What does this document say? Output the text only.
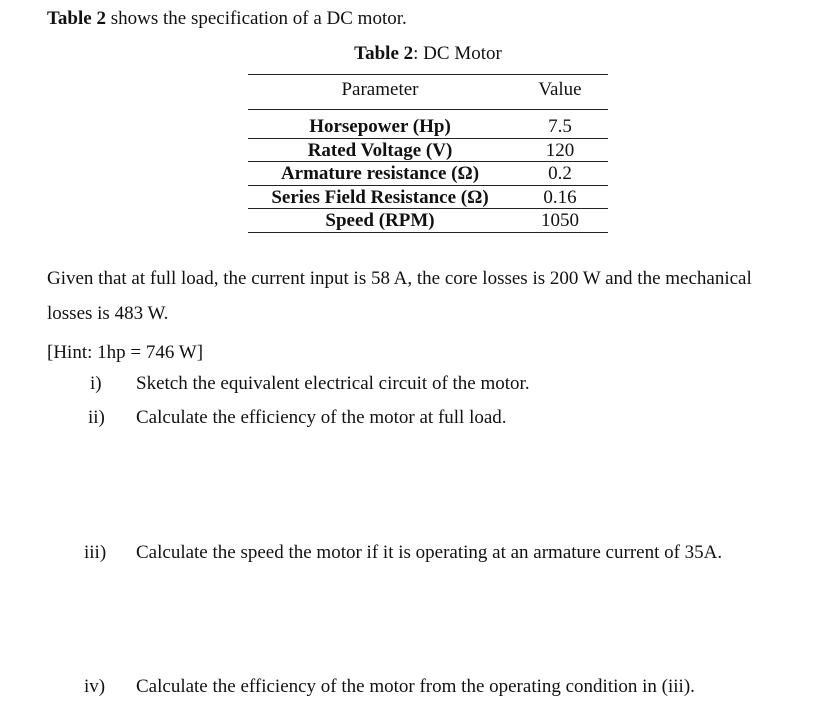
Table 2 shows the specification of a DC motor.
Table 2: DC Motor
Parameter	Value
Horsepower (Hp)	7.5
Rated Voltage (V)	120
Armature resistance (Ω)	0.2
Series Field Resistance (Ω)	0.16
Speed (RPM)	1050
Given that at full load, the current input is 58 A, the core losses is 200 W and the mechanical
losses is 483 W.
[Hint: 1hp = 746 W]
i) Sketch the equivalent electrical circuit of the motor.
ii) Calculate the efficiency of the motor at full load.
iii) Calculate the speed the motor if it is operating at an armature current of 35A.
iv) Calculate the efficiency of the motor from the operating condition in (iii).
